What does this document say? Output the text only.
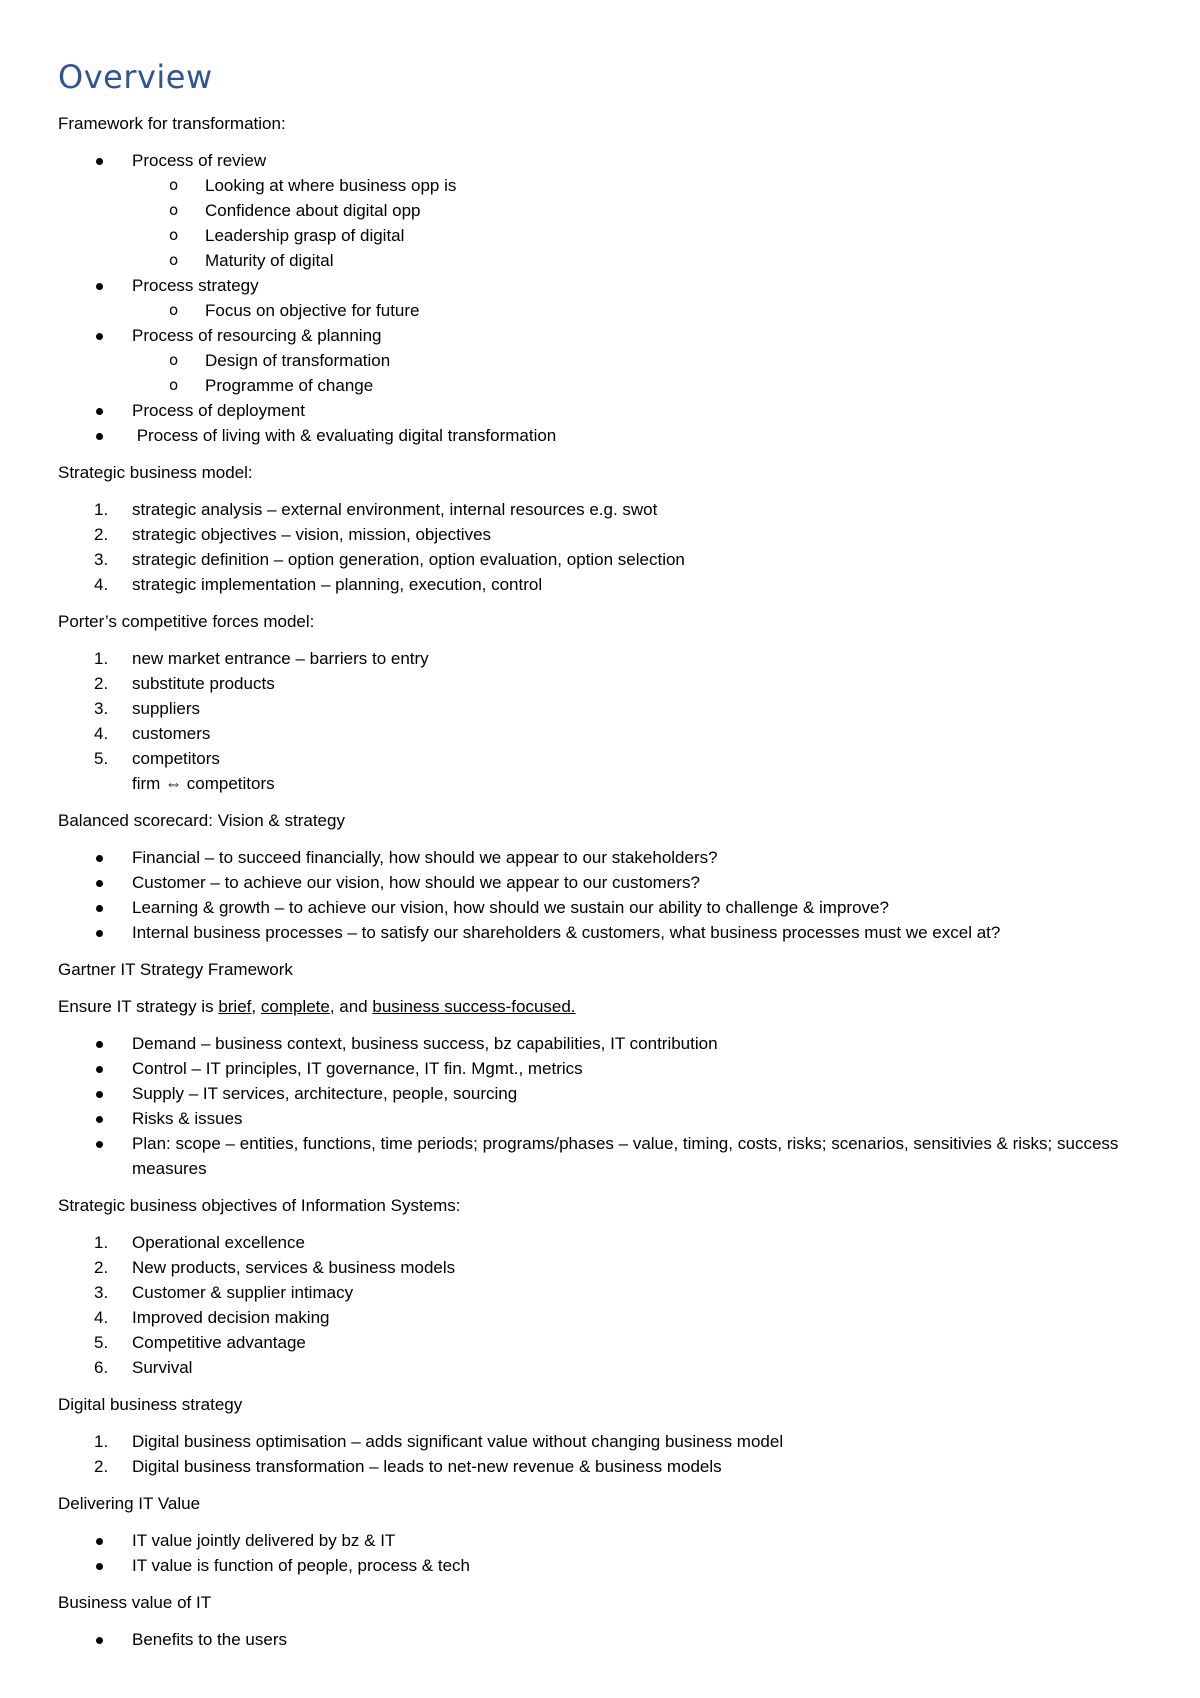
Overview
Framework for transformation:
Process of review
o	Looking at where business opp is
o	Confidence about digital opp
o	Leadership grasp of digital
o	Maturity of digital
Process strategy
o	Focus on objective for future
Process of resourcing & planning
o	Design of transformation
o	Programme of change
Process of deployment
Process of living with & evaluating digital transformation
Strategic business model:
1.	strategic analysis – external environment, internal resources e.g. swot
2.	strategic objectives – vision, mission, objectives
3.	strategic definition – option generation, option evaluation, option selection
4.	strategic implementation – planning, execution, control
Porter’s competitive forces model:
1.	new market entrance – barriers to entry
2.	substitute products
3.	suppliers
4.	customers
5.	competitors
firm ⇔ competitors
Balanced scorecard: Vision & strategy
Financial – to succeed financially, how should we appear to our stakeholders?
Customer – to achieve our vision, how should we appear to our customers?
Learning & growth – to achieve our vision, how should we sustain our ability to challenge & improve?
Internal business processes – to satisfy our shareholders & customers, what business processes must we excel at?
Gartner IT Strategy Framework
Ensure IT strategy is brief, complete, and business success-focused.
Demand – business context, business success, bz capabilities, IT contribution
Control – IT principles, IT governance, IT fin. Mgmt., metrics
Supply – IT services, architecture, people, sourcing
Risks & issues
Plan: scope – entities, functions, time periods; programs/phases – value, timing, costs, risks; scenarios, sensitivies & risks; success measures
Strategic business objectives of Information Systems:
1.	Operational excellence
2.	New products, services & business models
3.	Customer & supplier intimacy
4.	Improved decision making
5.	Competitive advantage
6.	Survival
Digital business strategy
1.	Digital business optimisation – adds significant value without changing business model
2.	Digital business transformation – leads to net-new revenue & business models
Delivering IT Value
IT value jointly delivered by bz & IT
IT value is function of people, process & tech
Business value of IT
Benefits to the users
